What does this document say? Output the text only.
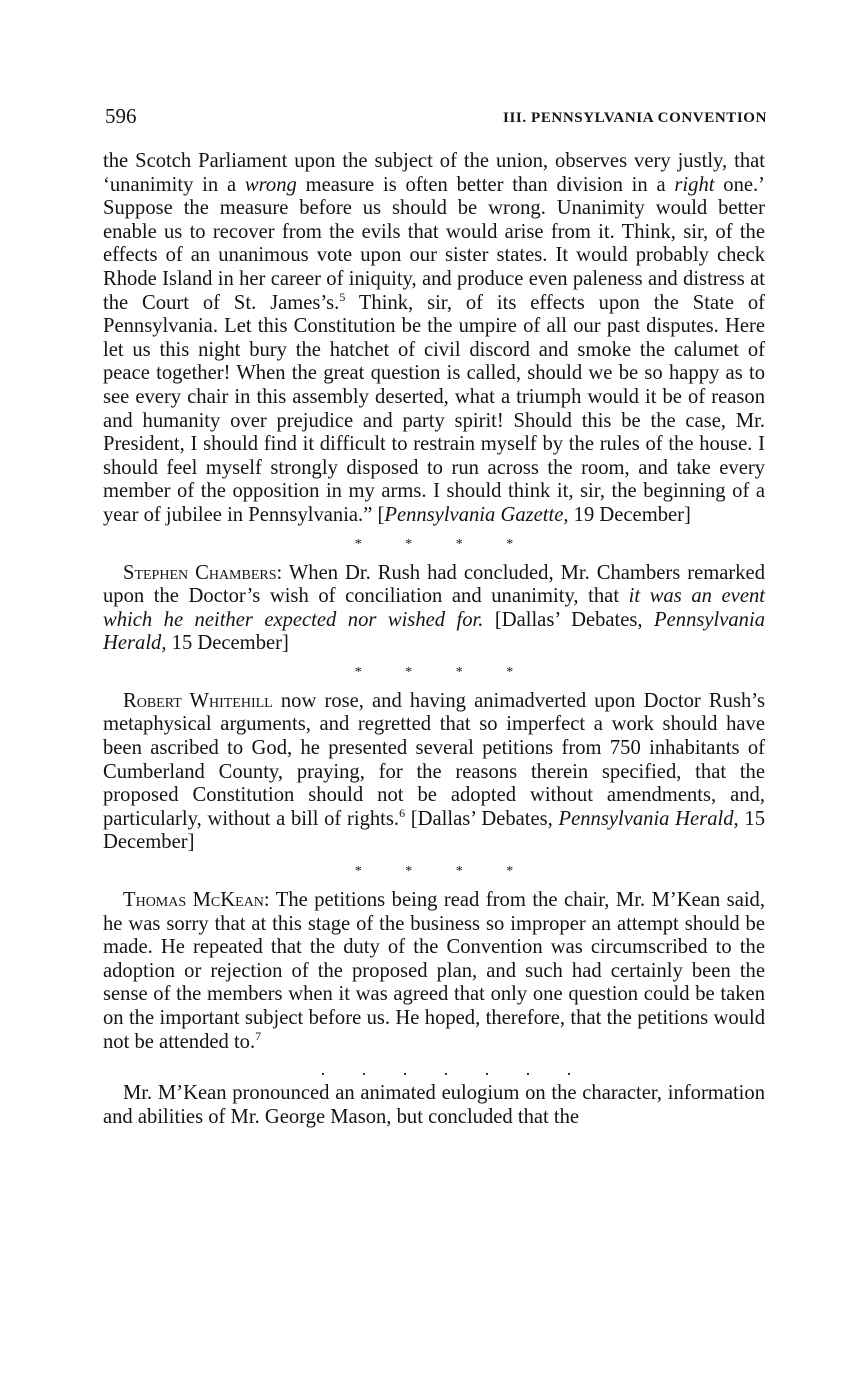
596	III. PENNSYLVANIA CONVENTION

the Scotch Parliament upon the subject of the union, observes very justly, that ‘unanimity in a wrong measure is often better than division in a right one.’ Suppose the measure before us should be wrong. Unanimity would better enable us to recover from the evils that would arise from it. Think, sir, of the effects of an unanimous vote upon our sister states. It would probably check Rhode Island in her career of iniquity, and produce even paleness and distress at the Court of St. James’s.$^5$ Think, sir, of its effects upon the State of Pennsylvania. Let this Constitution be the umpire of all our past disputes. Here let us this night bury the hatchet of civil discord and smoke the calumet of peace together! When the great question is called, should we be so happy as to see every chair in this assembly deserted, what a triumph would it be of reason and humanity over prejudice and party spirit! Should this be the case, Mr. President, I should find it difficult to restrain myself by the rules of the house. I should feel myself strongly disposed to run across the room, and take every member of the opposition in my arms. I should think it, sir, the beginning of a year of jubilee in Pennsylvania.” [Pennsylvania Gazette, 19 December]

* * * *

Stephen Chambers: When Dr. Rush had concluded, Mr. Chambers remarked upon the Doctor’s wish of conciliation and unanimity, that it was an event which he neither expected nor wished for. [Dallas’ Debates, Pennsylvania Herald, 15 December]

* * * *

Robert Whitehill now rose, and having animadverted upon Doctor Rush’s metaphysical arguments, and regretted that so imperfect a work should have been ascribed to God, he presented several petitions from 750 inhabitants of Cumberland County, praying, for the reasons therein specified, that the proposed Constitution should not be adopted without amendments, and, particularly, without a bill of rights.$^6$ [Dallas’ Debates, Pennsylvania Herald, 15 December]

* * * *

Thomas McKean: The petitions being read from the chair, Mr. M’Kean said, he was sorry that at this stage of the business so improper an attempt should be made. He repeated that the duty of the Convention was circumscribed to the adoption or rejection of the proposed plan, and such had certainly been the sense of the members when it was agreed that only one question could be taken on the important subject before us. He hoped, therefore, that the petitions would not be attended to.$^7$

. . . . . . .

Mr. M’Kean pronounced an animated eulogium on the character, information and abilities of Mr. George Mason, but concluded that the
